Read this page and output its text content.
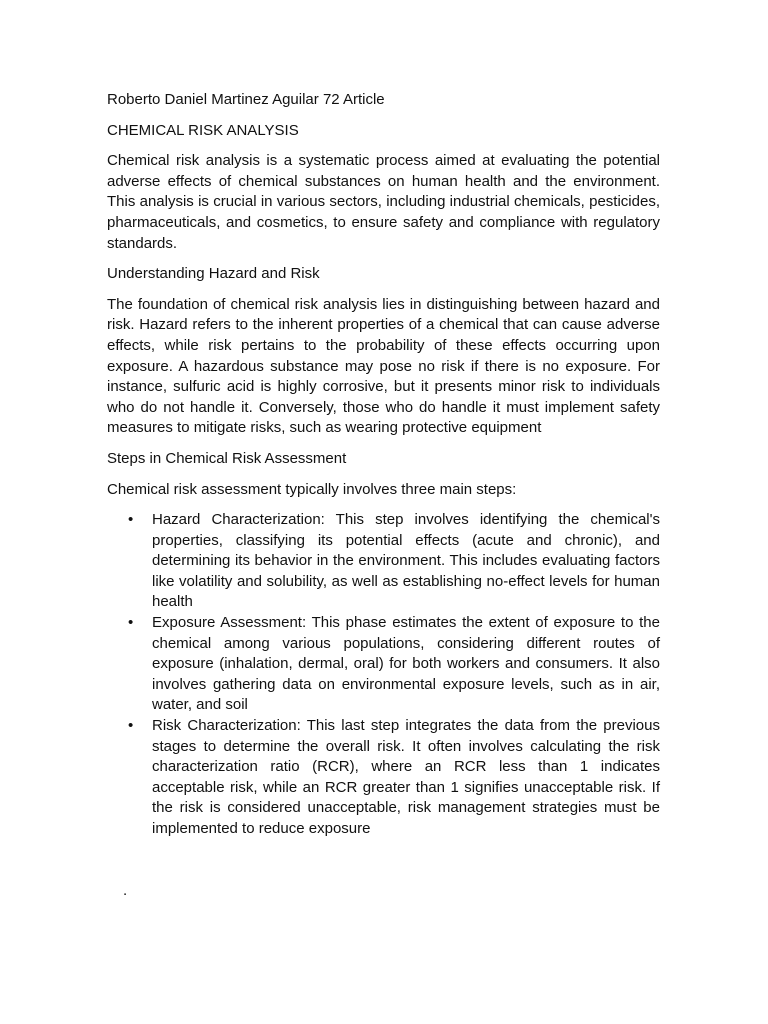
Roberto Daniel Martinez Aguilar 72 Article

CHEMICAL RISK ANALYSIS

Chemical risk analysis is a systematic process aimed at evaluating the potential adverse effects of chemical substances on human health and the environment. This analysis is crucial in various sectors, including industrial chemicals, pesticides, pharmaceuticals, and cosmetics, to ensure safety and compliance with regulatory standards.

Understanding Hazard and Risk

The foundation of chemical risk analysis lies in distinguishing between hazard and risk. Hazard refers to the inherent properties of a chemical that can cause adverse effects, while risk pertains to the probability of these effects occurring upon exposure. A hazardous substance may pose no risk if there is no exposure. For instance, sulfuric acid is highly corrosive, but it presents minor risk to individuals who do not handle it. Conversely, those who do handle it must implement safety measures to mitigate risks, such as wearing protective equipment

Steps in Chemical Risk Assessment

Chemical risk assessment typically involves three main steps:

• Hazard Characterization: This step involves identifying the chemical's properties, classifying its potential effects (acute and chronic), and determining its behavior in the environment. This includes evaluating factors like volatility and solubility, as well as establishing no-effect levels for human health
• Exposure Assessment: This phase estimates the extent of exposure to the chemical among various populations, considering different routes of exposure (inhalation, dermal, oral) for both workers and consumers. It also involves gathering data on environmental exposure levels, such as in air, water, and soil
• Risk Characterization: This last step integrates the data from the previous stages to determine the overall risk. It often involves calculating the risk characterization ratio (RCR), where an RCR less than 1 indicates acceptable risk, while an RCR greater than 1 signifies unacceptable risk. If the risk is considered unacceptable, risk management strategies must be implemented to reduce exposure
.
